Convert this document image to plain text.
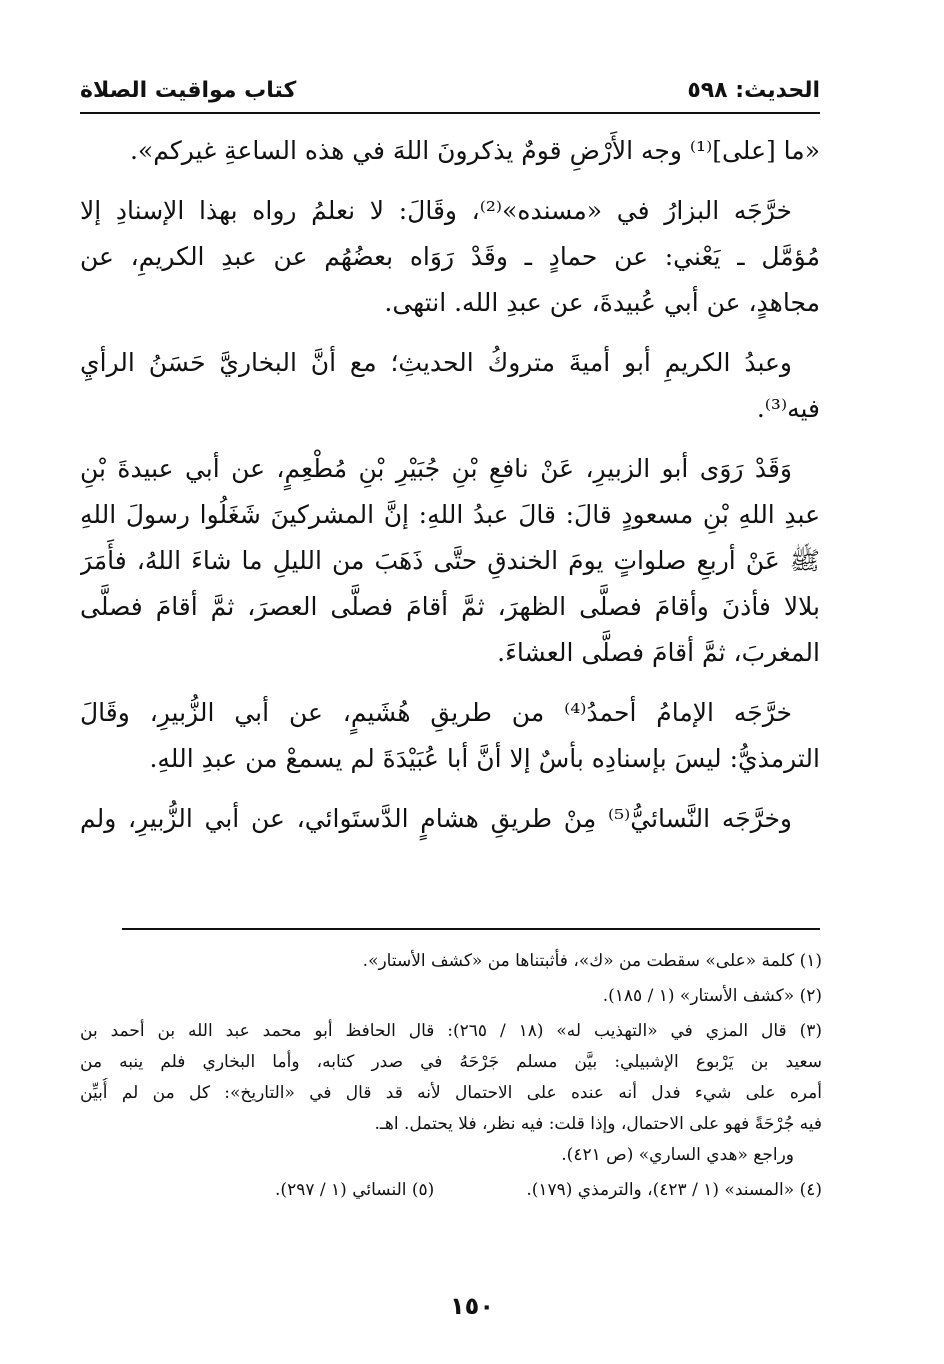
الحديث: ٥٩٨
كتاب مواقيت الصلاة
«ما [على]⁽¹⁾ وجه الأَرْضِ قومٌ يذكرونَ اللهَ في هذه الساعةِ غيركم».
خرَّجَه البزارُ في «مسنده»⁽²⁾، وقَالَ: لا نعلمُ رواه بهذا الإسنادِ إلا
مُؤمَّل ـ يَعْني: عن حمادٍ ـ وقَدْ رَوَاه بعضُهُم عن عبدِ الكريمِ، عن
مجاهدٍ، عن أبي عُبيدةَ، عن عبدِ الله. انتهى.
وعبدُ الكريمِ أبو أميةَ متروكُ الحديثِ؛ مع أنَّ البخاريَّ حَسَنُ الرأيِ
فيه⁽³⁾.
وَقَدْ رَوَى أبو الزبيرِ، عَنْ نافعِ بْنِ جُبَيْرِ بْنِ مُطْعِمٍ، عن أبي عبيدةَ بْنِ
عبدِ اللهِ بْنِ مسعودٍ قالَ: قالَ عبدُ اللهِ: إنَّ المشركينَ شَغَلُوا رسولَ اللهِ
ﷺ عَنْ أربعِ صلواتٍ يومَ الخندقِ حتَّى ذَهَبَ من الليلِ ما شاءَ اللهُ، فأَمَرَ
بلالا فأذنَ وأقامَ فصلَّى الظهرَ، ثمَّ أقامَ فصلَّى العصرَ، ثمَّ أقامَ فصلَّى
المغربَ، ثمَّ أقامَ فصلَّى العشاءَ.
خرَّجَه الإمامُ أحمدُ⁽⁴⁾ من طريقِ هُشَيمٍ، عن أبي الزُّبيرِ، وقَالَ
الترمذيُّ: ليسَ بإسنادِه بأسٌ إلا أنَّ أبا عُبَيْدَةَ لم يسمعْ من عبدِ اللهِ.
وخرَّجَه النَّسائيُّ⁽⁵⁾ مِنْ طريقِ هشامٍ الدَّستَوائي، عن أبي الزُّبيرِ، ولم
(١) كلمة «على» سقطت من «ك»، فأثبتناها من «كشف الأستار».
(٢) «كشف الأستار» (١ / ١٨٥).
(٣) قال المزي في «التهذيب له» (١٨ / ٢٦٥): قال الحافظ أبو محمد عبد الله بن أحمد بن
سعيد بن يَرْبوع الإشبيلي: بيَّن مسلم جَرْحَهُ في صدر كتابه، وأما البخاري فلم ينبه من
أمره على شيء فدل أنه عنده على الاحتمال لأنه قد قال في «التاريخ»: كل من لم أُبيِّن
فيه جُرْحَةً فهو على الاحتمال، وإذا قلت: فيه نظر، فلا يحتمل. اهـ.
وراجع «هدي الساري» (ص ٤٢١).
(٤) «المسند» (١ / ٤٢٣)، والترمذي (١٧٩).
(٥) النسائي (١ / ٢٩٧).
١٥٠
